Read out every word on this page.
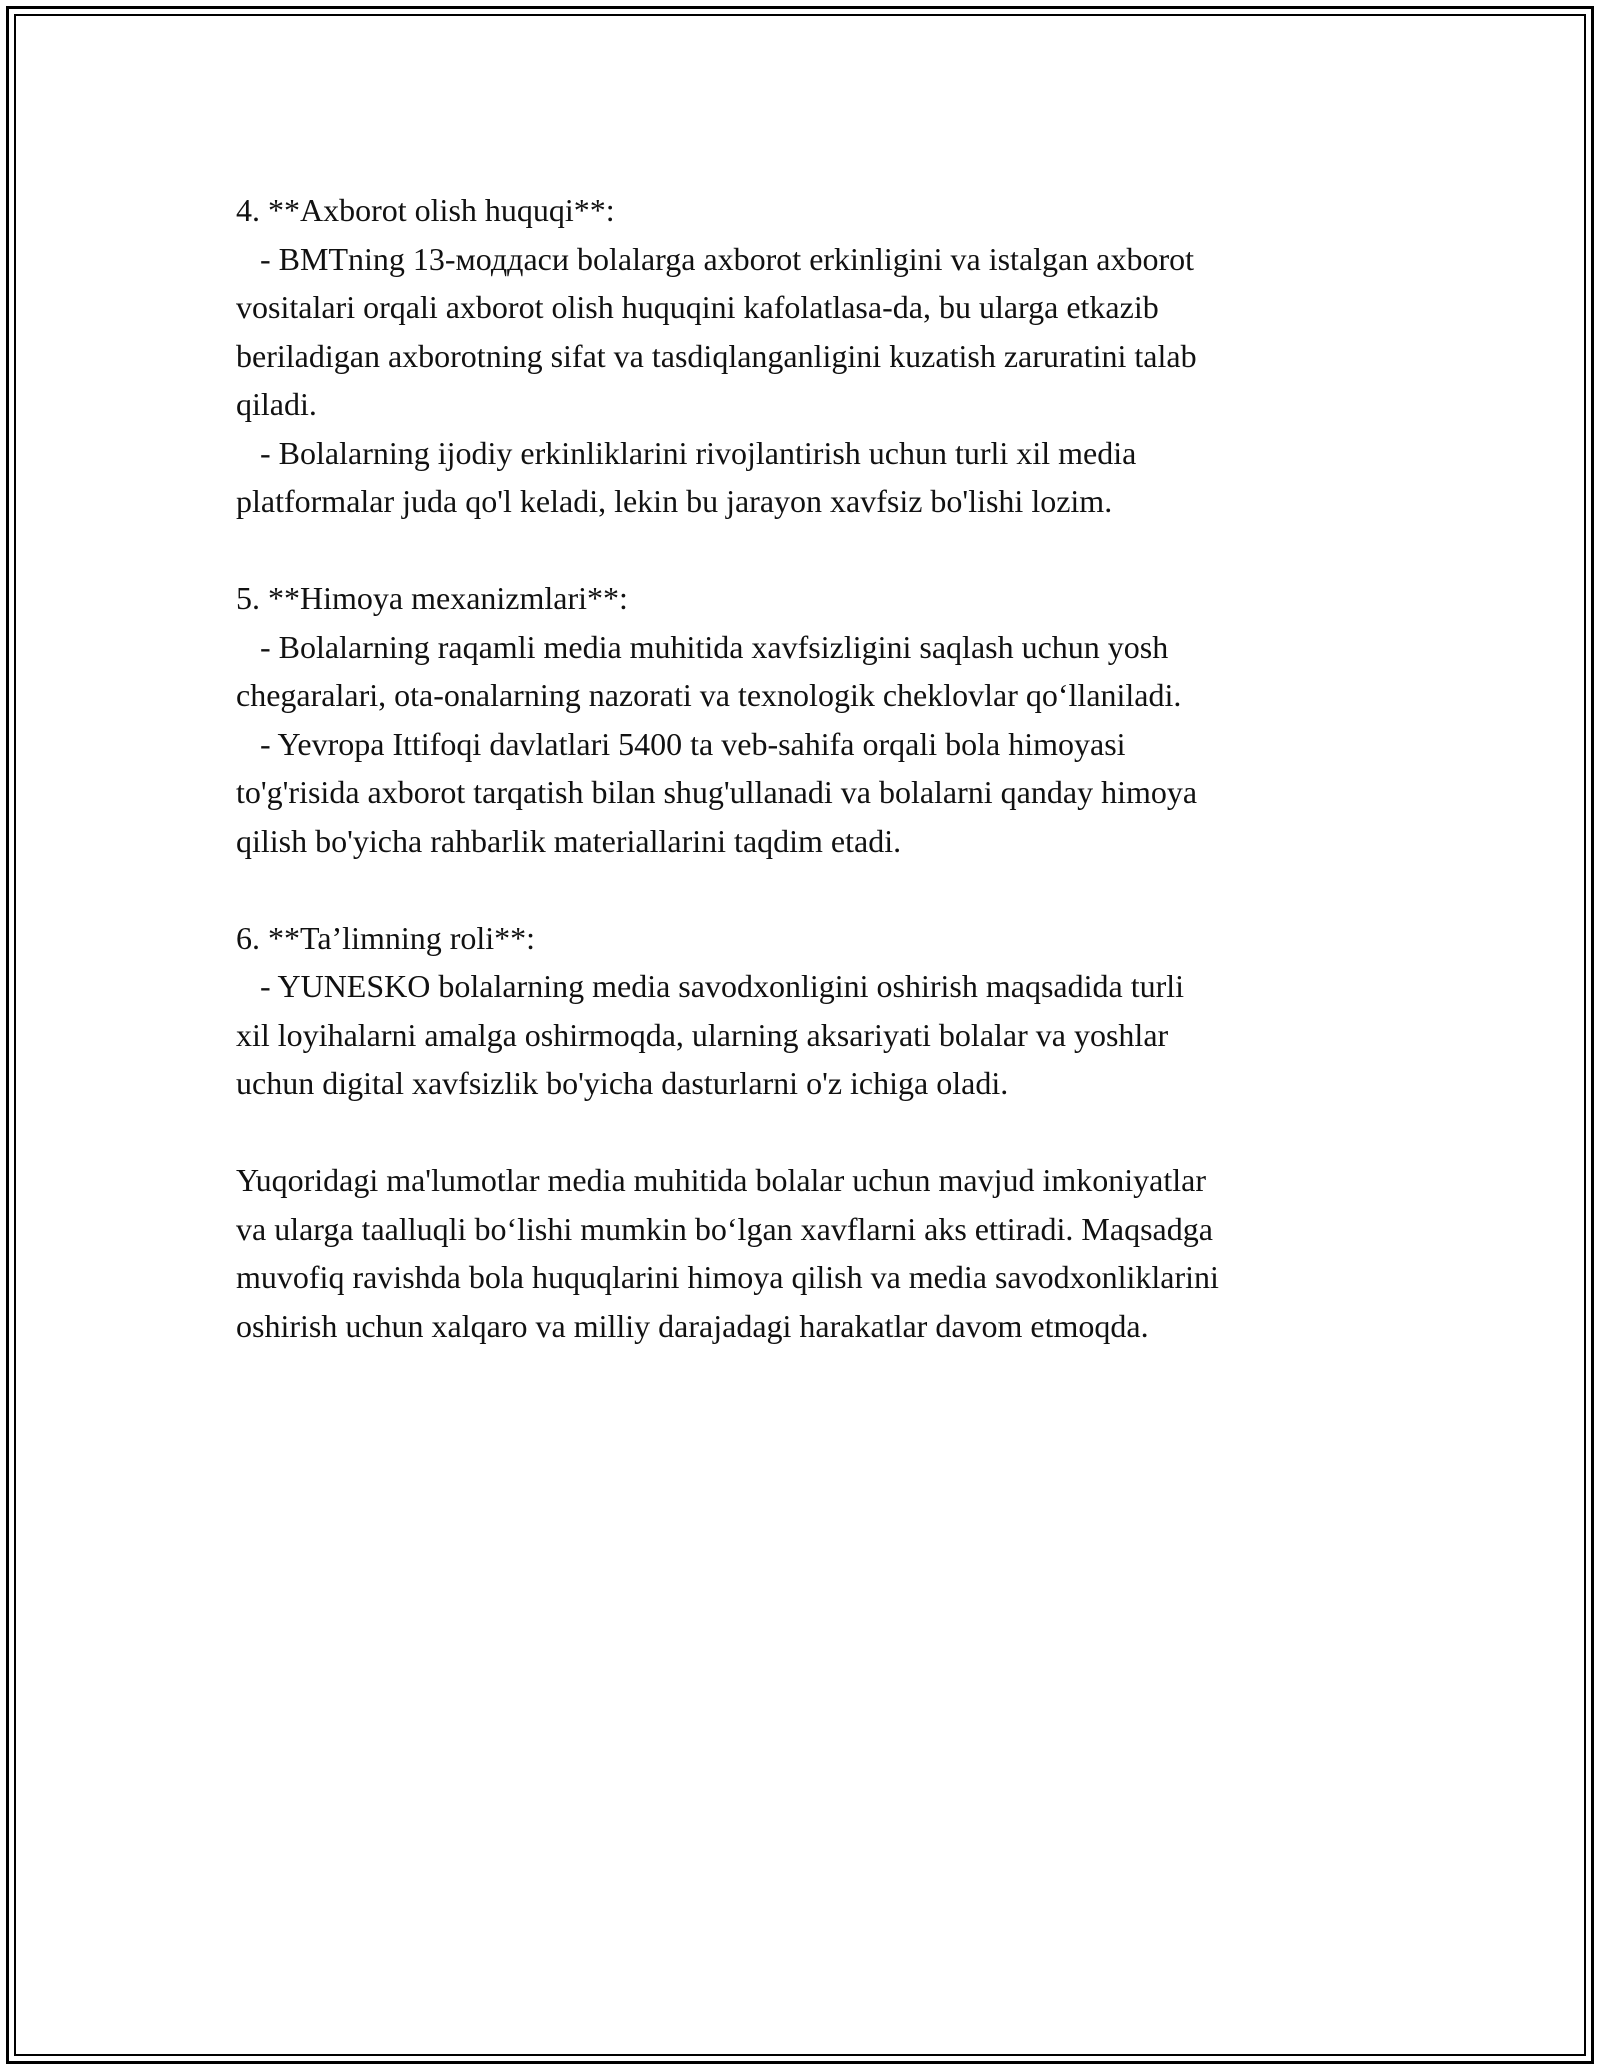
4. **Axborot olish huquqi**:

- BMTning 13-моддаси bolalarga axborot erkinligini va istalgan axborot

vositalari orqali axborot olish huquqini kafolatlasa-da, bu ularga etkazib

beriladigan axborotning sifat va tasdiqlanganligini kuzatish zaruratini talab

qiladi.

- Bolalarning ijodiy erkinliklarini rivojlantirish uchun turli xil media

platformalar juda qo'l keladi, lekin bu jarayon xavfsiz bo'lishi lozim.

5. **Himoya mexanizmlari**:

- Bolalarning raqamli media muhitida xavfsizligini saqlash uchun yosh

chegaralari, ota-onalarning nazorati va texnologik cheklovlar qo‘llaniladi.

- Yevropa Ittifoqi davlatlari 5400 ta veb-sahifa orqali bola himoyasi

to'g'risida axborot tarqatish bilan shug'ullanadi va bolalarni qanday himoya

qilish bo'yicha rahbarlik materiallarini taqdim etadi.

6. **Ta’limning roli**:

- YUNESKO bolalarning media savodxonligini oshirish maqsadida turli

xil loyihalarni amalga oshirmoqda, ularning aksariyati bolalar va yoshlar

uchun digital xavfsizlik bo'yicha dasturlarni o'z ichiga oladi.

Yuqoridagi ma'lumotlar media muhitida bolalar uchun mavjud imkoniyatlar

va ularga taalluqli bo‘lishi mumkin bo‘lgan xavflarni aks ettiradi. Maqsadga

muvofiq ravishda bola huquqlarini himoya qilish va media savodxonliklarini

oshirish uchun xalqaro va milliy darajadagi harakatlar davom etmoqda.
